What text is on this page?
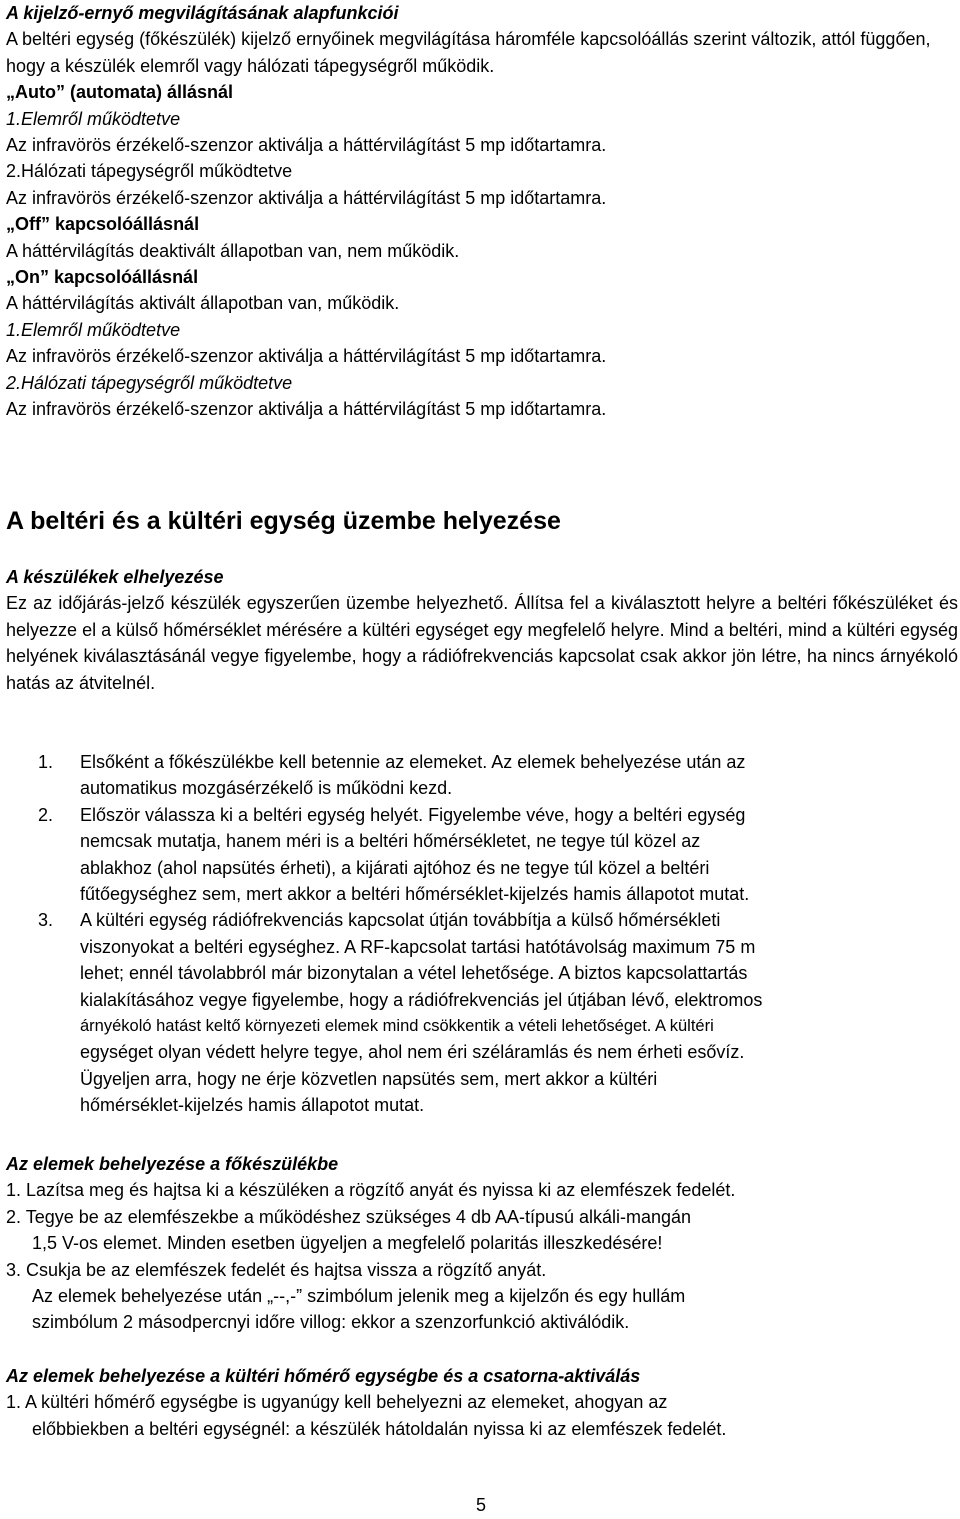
A kijelző-ernyő megvilágításának alapfunkciói

A beltéri egység (főkészülék) kijelző ernyőinek megvilágítása háromféle kapcsolóállás szerint változik, attól függően, hogy a készülék elemről vagy hálózati tápegységről működik.

„Auto” (automata) állásnál

1.Elemről működtetve

Az infravörös érzékelő-szenzor aktiválja a háttérvilágítást 5 mp időtartamra.

2.Hálózati tápegységről működtetve

Az infravörös érzékelő-szenzor aktiválja a háttérvilágítást 5 mp időtartamra.

„Off” kapcsolóállásnál

A háttérvilágítás deaktivált állapotban van, nem működik.

„On” kapcsolóállásnál

A háttérvilágítás aktivált állapotban van, működik.

1.Elemről működtetve

Az infravörös érzékelő-szenzor aktiválja a háttérvilágítást 5 mp időtartamra.

2.Hálózati tápegységről működtetve

Az infravörös érzékelő-szenzor aktiválja a háttérvilágítást 5 mp időtartamra.

A beltéri és a kültéri egység üzembe helyezése

A készülékek elhelyezése

Ez az időjárás-jelző készülék egyszerűen üzembe helyezhető. Állítsa fel a kiválasztott helyre a beltéri főkészüléket és helyezze el a külső hőmérséklet mérésére a kültéri egységet egy megfelelő helyre. Mind a beltéri, mind a kültéri egység helyének kiválasztásánál vegye figyelembe, hogy a rádiófrekvenciás kapcsolat csak akkor jön létre, ha nincs árnyékoló hatás az átvitelnél.

1. Elsőként a főkészülékbe kell betennie az elemeket. Az elemek behelyezése után az

automatikus mozgásérzékelő is működni kezd.

2. Először válassza ki a beltéri egység helyét. Figyelembe véve, hogy a beltéri egység

nemcsak mutatja, hanem méri is a beltéri hőmérsékletet, ne tegye túl közel az

ablakhoz (ahol napsütés érheti), a kijárati ajtóhoz és ne tegye túl közel a beltéri

fűtőegységhez sem, mert akkor a beltéri hőmérséklet-kijelzés hamis állapotot mutat.

3. A kültéri egység rádiófrekvenciás kapcsolat útján továbbítja a külső hőmérsékleti

viszonyokat a beltéri egységhez. A RF-kapcsolat tartási hatótávolság maximum 75 m

lehet; ennél távolabbról már bizonytalan a vétel lehetősége. A biztos kapcsolattartás

kialakításához vegye figyelembe, hogy a rádiófrekvenciás jel útjában lévő, elektromos

árnyékoló hatást keltő környezeti elemek mind csökkentik a vételi lehetőséget. A kültéri

egységet olyan védett helyre tegye, ahol nem éri széláramlás és nem érheti esővíz.

Ügyeljen arra, hogy ne érje közvetlen napsütés sem, mert akkor a kültéri

hőmérséklet-kijelzés hamis állapotot mutat.

Az elemek behelyezése a főkészülékbe

1. Lazítsa meg és hajtsa ki a készüléken a rögzítő anyát és nyissa ki az elemfészek fedelét.

2. Tegye be az elemfészekbe a működéshez szükséges 4 db AA-típusú alkáli-mangán

1,5 V-os elemet. Minden esetben ügyeljen a megfelelő polaritás illeszkedésére!

3. Csukja be az elemfészek fedelét és hajtsa vissza a rögzítő anyát.

Az elemek behelyezése után „--,-” szimbólum jelenik meg a kijelzőn és egy hullám

szimbólum 2 másodpercnyi időre villog: ekkor a szenzorfunkció aktiválódik.

Az elemek behelyezése a kültéri hőmérő egységbe és a csatorna-aktiválás

1. A kültéri hőmérő egységbe is ugyanúgy kell behelyezni az elemeket, ahogyan az

előbbiekben a beltéri egységnél: a készülék hátoldalán nyissa ki az elemfészek fedelét.

5
